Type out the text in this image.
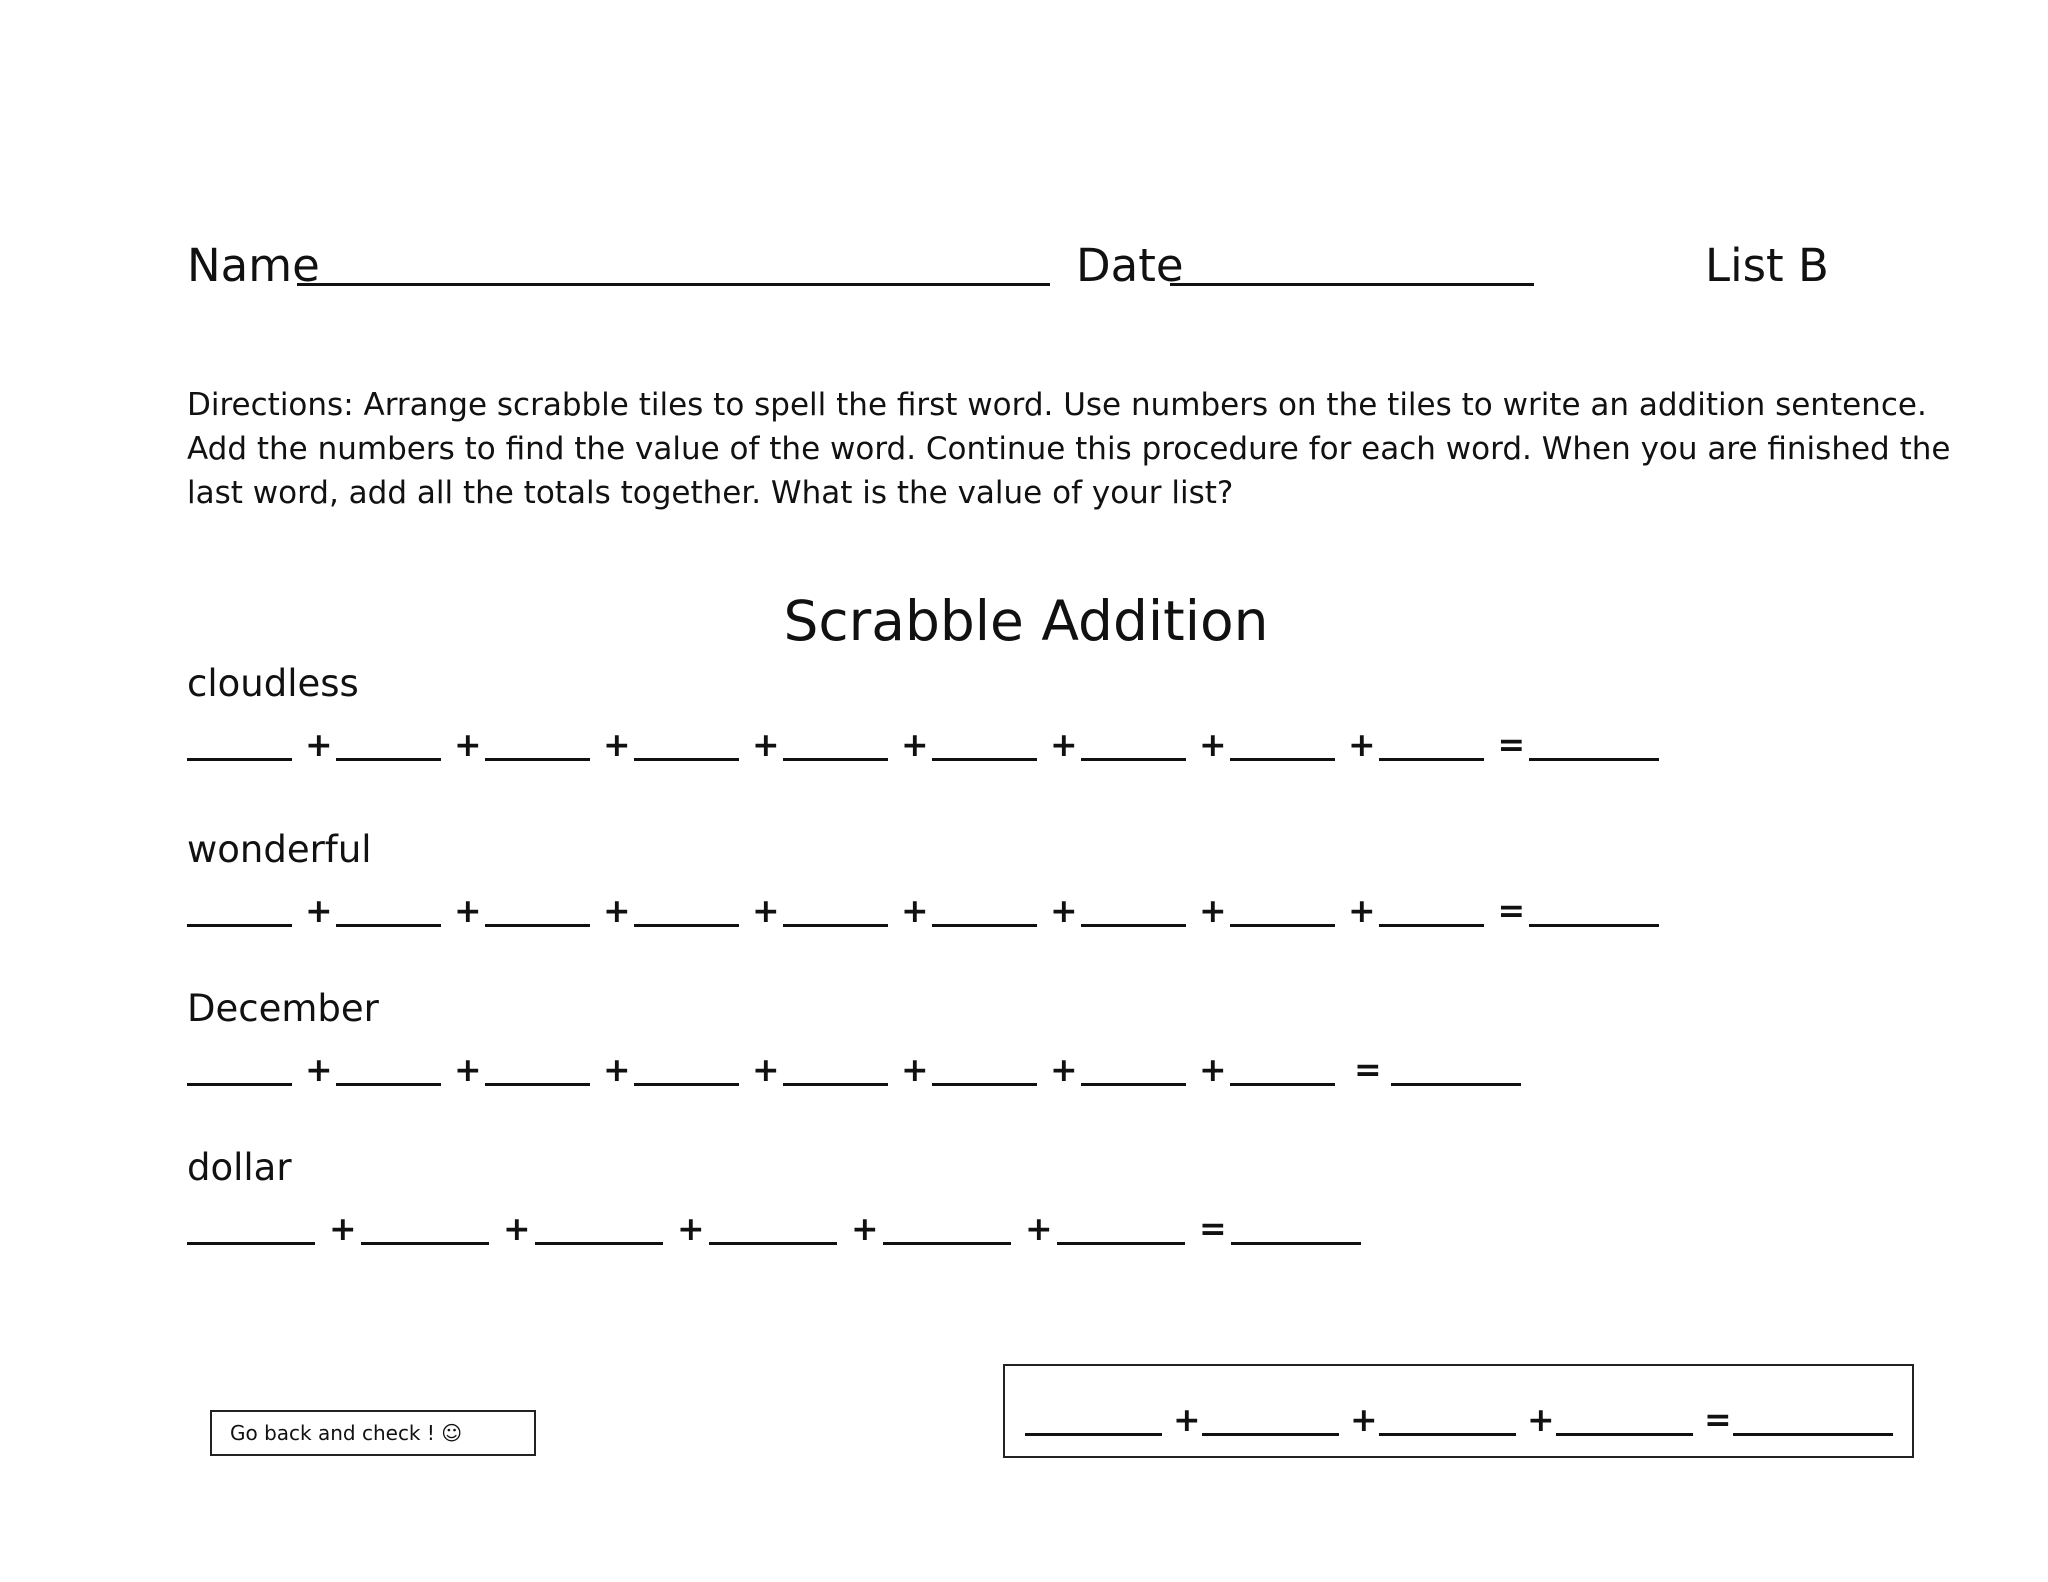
Name	Date	List B
Directions: Arrange scrabble tiles to spell the first word. Use numbers on the tiles to write an addition sentence.
Add the numbers to find the value of the word. Continue this procedure for each word. When you are finished the
last word, add all the totals together. What is the value of your list?
Scrabble Addition
cloudless
+	+	+	+	+	+	+	+	=
wonderful
+	+	+	+	+	+	+	+	=
December
+	+	+	+	+	+	+	=
dollar
+	+	+	+	+	=
Go back and check ! ☺	+	+	+	=
